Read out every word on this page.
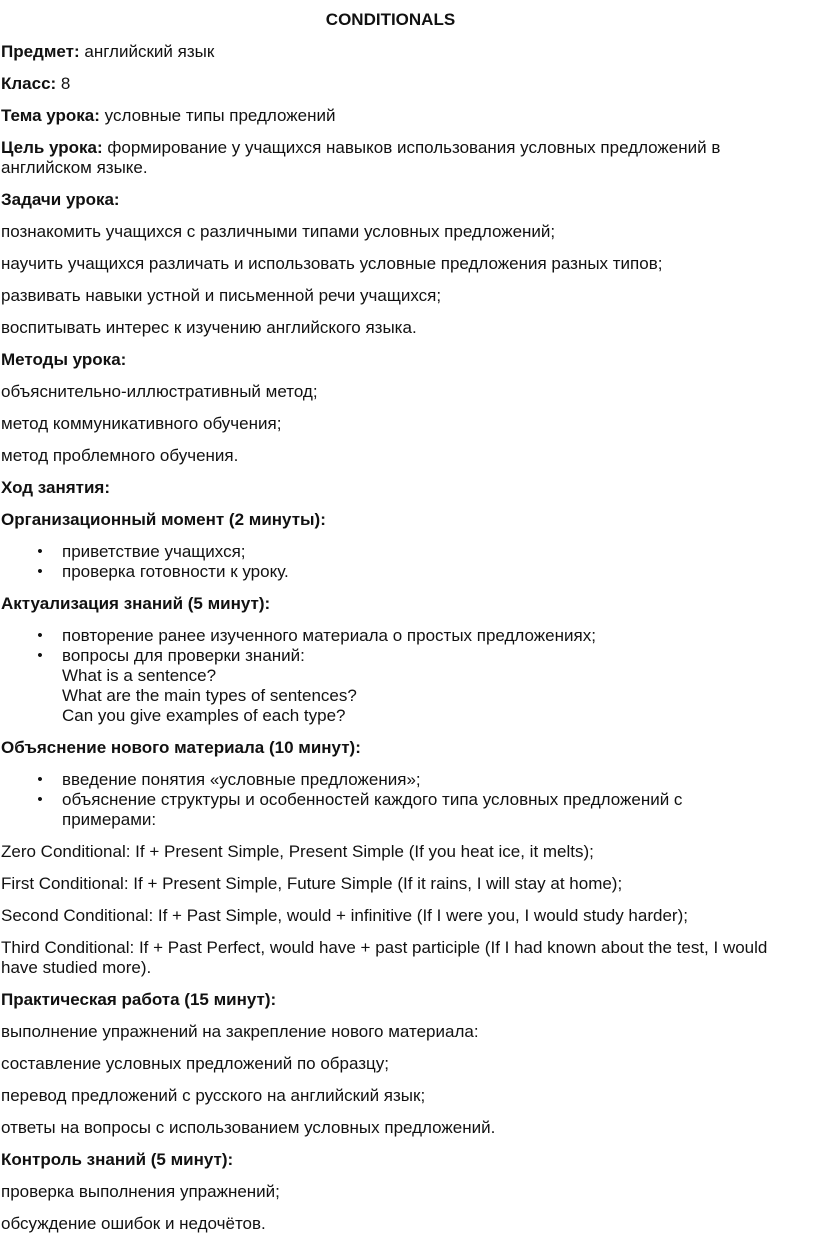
CONDITIONALS

Предмет: английский язык

Класс: 8

Тема урока: условные типы предложений

Цель урока: формирование у учащихся навыков использования условных предложений в английском языке.

Задачи урока:

познакомить учащихся с различными типами условных предложений;

научить учащихся различать и использовать условные предложения разных типов;

развивать навыки устной и письменной речи учащихся;

воспитывать интерес к изучению английского языка.

Методы урока:

объяснительно-иллюстративный метод;

метод коммуникативного обучения;

метод проблемного обучения.

Ход занятия:

Организационный момент (2 минуты):

• приветствие учащихся;
• проверка готовности к уроку.

Актуализация знаний (5 минут):

• повторение ранее изученного материала о простых предложениях;
• вопросы для проверки знаний:
What is a sentence?
What are the main types of sentences?
Can you give examples of each type?

Объяснение нового материала (10 минут):

• введение понятия «условные предложения»;
• объяснение структуры и особенностей каждого типа условных предложений с примерами:

Zero Conditional: If + Present Simple, Present Simple (If you heat ice, it melts);

First Conditional: If + Present Simple, Future Simple (If it rains, I will stay at home);

Second Conditional: If + Past Simple, would + infinitive (If I were you, I would study harder);

Third Conditional: If + Past Perfect, would have + past participle (If I had known about the test, I would have studied more).

Практическая работа (15 минут):

выполнение упражнений на закрепление нового материала:

составление условных предложений по образцу;

перевод предложений с русского на английский язык;

ответы на вопросы с использованием условных предложений.

Контроль знаний (5 минут):

проверка выполнения упражнений;

обсуждение ошибок и недочётов.
